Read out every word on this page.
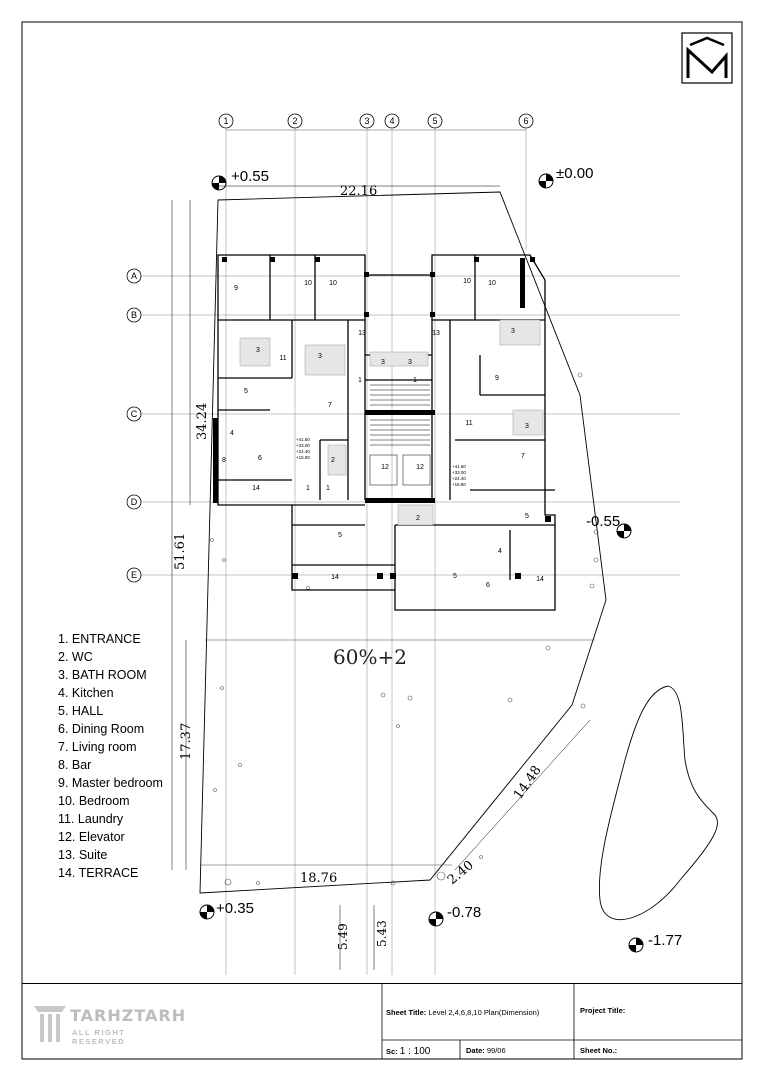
1	2	3 4	5	6
A
B
C
D
E
9
10 10	10 10
13	13
3
3
3	3
3
3
11
5
9
1	1
7
4
6
8
11
7
12	12
14	1 1
2
2	5
5
4
5
14
6
14
+41.60
+33.00
+24.40
+15.80
+41.60
+33.00
+24.40
+15.80
+0.55	±0.00
-0.55
+0.35	-0.78
-1.77
22.16
34.24
51.61
17.37
14.48
18.76	2.40
5.49 5.43
60%+2
1. ENTRANCE
2. WC
3. BATH ROOM
4. Kitchen
5. HALL
6. Dining Room
7. Living room
8. Bar
9. Master bedroom
10. Bedroom
11. Laundry
12. Elevator
13. Suite
14. TERRACE
TARHZTARH
ALL RIGHT RESERVED
Sheet Title: Level 2,4,6,8,10 Plan(Dimension)	Project Title:
Sc: 1 : 100	Date: 99/06	Sheet No.:
